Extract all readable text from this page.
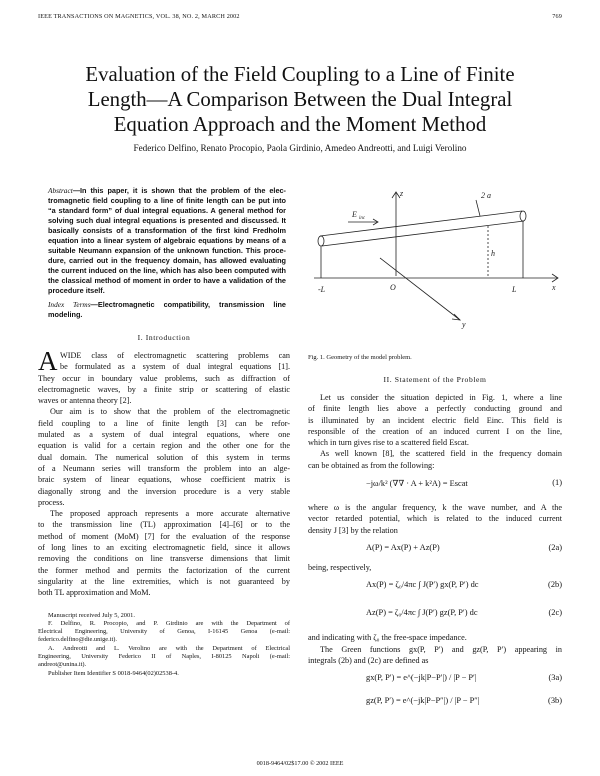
IEEE TRANSACTIONS ON MAGNETICS, VOL. 38, NO. 2, MARCH 2002	769
Evaluation of the Field Coupling to a Line of Finite
Length—A Comparison Between the Dual Integral
Equation Approach and the Moment Method
Federico Delfino, Renato Procopio, Paola Girdinio, Amedeo Andreotti, and Luigi Verolino
Abstract—In this paper, it is shown that the problem of the elec-
tromagnetic field coupling to a line of finite length can be put into
“a standard form” of dual integral equations. A general method for
solving such dual integral equations is presented and discussed. It
basically consists of a transformation of the first kind Fredholm
equation into a linear system of algebraic equations by means of a
suitable Neumann expansion of the unknown function. This proce-
dure, carried out in the frequency domain, has allowed evaluating
the current induced on the line, which has also been computed with
the classical method of moment in order to have a validation of the
procedure itself.
Index Terms—Electromagnetic compatibility, transmission line
modeling.
I. Introduction
A WIDE class of electromagnetic scattering problems can
be formulated as a system of dual integral equations [1].
They occur in boundary value problems, such as diffraction of
electromagnetic waves, by a finite strip or scattering of elastic
waves or antenna theory [2].
Our aim is to show that the problem of the electromagnetic
field coupling to a line of finite length [3] can be refor-
mulated as a system of dual integral equations, where one
equation is valid for a certain region and the other one for the
dual domain. The numerical solution of this system in terms
of a Neumann series will transform the problem into an alge-
braic system of linear equations, whose coefficient matrix is
diagonally strong and the inversion procedure is a very stable
process.
The proposed approach represents a more accurate alternative
to the transmission line (TL) approximation [4]–[6] or to the
method of moment (MoM) [7] for the evaluation of the response
of long lines to an exciting electromagnetic field, since it allows
removing the conditions on line transverse dimensions that limit
the former method and permits the factorization of the current
singularity at the line extremities, which is not guaranteed by
both TL approximation and MoM.
Manuscript received July 5, 2001.
F. Delfino, R. Procopio, and P. Girdinio are with the Department of
Electrical Engineering, University of Genoa, I-16145 Genoa (e-mail:
federico.delfino@die.unige.it).
A. Andreotti and L. Verolino are with the Department of Electrical
Engineering, University Federico II of Naples, I-80125 Napoli (e-mail:
andreot@unina.it).
Publisher Item Identifier S 0018-9464(02)02538-4.
E inc
2 a
h
-L	L
O	x
y
z
Fig. 1. Geometry of the model problem.
II. Statement of the Problem
Let us consider the situation depicted in Fig. 1, where a line
of finite length lies above a perfectly conducting ground and
is illuminated by an incident electric field Einc. This field is
responsible of the creation of an induced current I on the line,
which in turn gives rise to a scattered field Escat.
As well known [8], the scattered field in the frequency domain
can be obtained as from the following:
−jω/k² (∇∇ · A + k²A) = Escat	(1)
where ω is the angular frequency, k the wave number, and A the
vector retarded potential, which is related to the induced current
density J [3] by the relation
A(P) = Ax(P) + Az(P)	(2a)
being, respectively,
Ax(P) = ζ₀/4πc ∫ J(P′) gx(P, P′) dc	(2b)
Az(P) = ζ₀/4πc ∫ J(P′) gz(P, P′) dc	(2c)
and indicating with ζ₀ the free-space impedance.
The Green functions gx(P, P′) and gz(P, P′) appearing in
integrals (2b) and (2c) are defined as
gx(P, P′) = e^(−jk|P−P′|) / |P − P′|	(3a)
gz(P, P′) = e^(−jk|P−P″|) / |P − P″|	(3b)
0018-9464/02$17.00 © 2002 IEEE
